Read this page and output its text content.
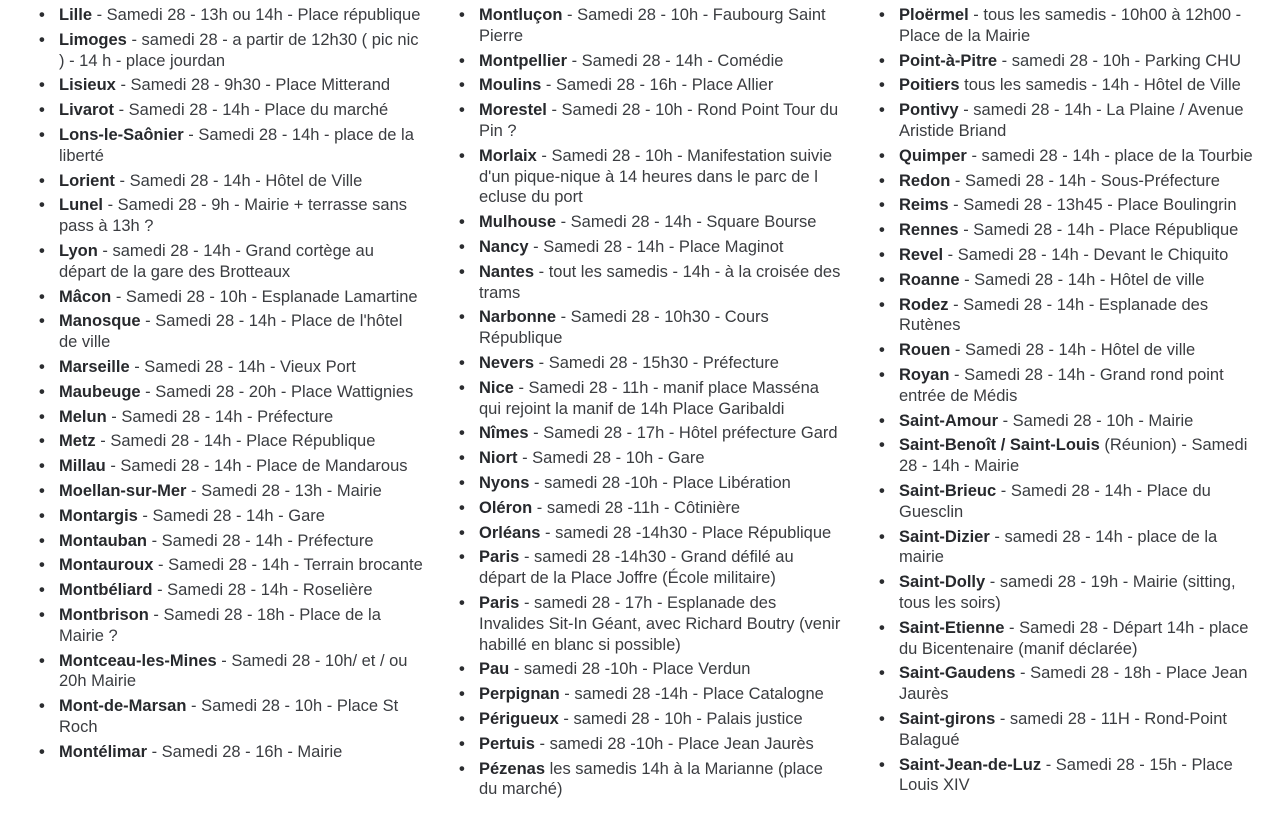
• Lille - Samedi 28 - 13h ou 14h - Place république
• Limoges - samedi 28 - a partir de 12h30 ( pic nic ) - 14 h - place jourdan
• Lisieux - Samedi 28 - 9h30 - Place Mitterand
• Livarot - Samedi 28 - 14h - Place du marché
• Lons-le-Saônier - Samedi 28 - 14h - place de la liberté
• Lorient - Samedi 28 - 14h - Hôtel de Ville
• Lunel - Samedi 28 - 9h - Mairie + terrasse sans pass à 13h ?
• Lyon - samedi 28 - 14h - Grand cortège au départ de la gare des Brotteaux
• Mâcon - Samedi 28 - 10h - Esplanade Lamartine
• Manosque - Samedi 28 - 14h - Place de l'hôtel de ville
• Marseille - Samedi 28 - 14h - Vieux Port
• Maubeuge - Samedi 28 - 20h - Place Wattignies
• Melun - Samedi 28 - 14h - Préfecture
• Metz - Samedi 28 - 14h - Place République
• Millau - Samedi 28 - 14h - Place de Mandarous
• Moellan-sur-Mer - Samedi 28 - 13h - Mairie
• Montargis - Samedi 28 - 14h - Gare
• Montauban - Samedi 28 - 14h - Préfecture
• Montauroux - Samedi 28 - 14h - Terrain brocante
• Montbéliard - Samedi 28 - 14h - Roselière
• Montbrison - Samedi 28 - 18h - Place de la Mairie ?
• Montceau-les-Mines - Samedi 28 - 10h/ et / ou 20h Mairie
• Mont-de-Marsan - Samedi 28 - 10h - Place St Roch
• Montélimar - Samedi 28 - 16h - Mairie
• Montluçon - Samedi 28 - 10h - Faubourg Saint Pierre
• Montpellier - Samedi 28 - 14h - Comédie
• Moulins - Samedi 28 - 16h - Place Allier
• Morestel - Samedi 28 - 10h - Rond Point Tour du Pin ?
• Morlaix - Samedi 28 - 10h - Manifestation suivie d'un pique-nique à 14 heures dans le parc de l ecluse du port
• Mulhouse - Samedi 28 - 14h - Square Bourse
• Nancy - Samedi 28 - 14h - Place Maginot
• Nantes - tout les samedis - 14h - à la croisée des trams
• Narbonne - Samedi 28 - 10h30 - Cours République
• Nevers - Samedi 28 - 15h30 - Préfecture
• Nice - Samedi 28 - 11h - manif place Masséna qui rejoint la manif de 14h Place Garibaldi
• Nîmes - Samedi 28 - 17h - Hôtel préfecture Gard
• Niort - Samedi 28 - 10h - Gare
• Nyons - samedi 28 -10h - Place Libération
• Oléron - samedi 28 -11h - Côtinière
• Orléans - samedi 28 -14h30 - Place République
• Paris - samedi 28 -14h30 - Grand défilé au départ de la Place Joffre (École militaire)
• Paris - samedi 28 - 17h - Esplanade des Invalides Sit-In Géant, avec Richard Boutry (venir habillé en blanc si possible)
• Pau - samedi 28 -10h - Place Verdun
• Perpignan - samedi 28 -14h - Place Catalogne
• Périgueux - samedi 28 - 10h - Palais justice
• Pertuis - samedi 28 -10h - Place Jean Jaurès
• Pézenas les samedis 14h à la Marianne (place du marché)
• Ploërmel - tous les samedis - 10h00 à 12h00 - Place de la Mairie
• Point-à-Pitre - samedi 28 - 10h - Parking CHU
• Poitiers tous les samedis - 14h - Hôtel de Ville
• Pontivy - samedi 28 - 14h - La Plaine / Avenue Aristide Briand
• Quimper - samedi 28 - 14h - place de la Tourbie
• Redon - Samedi 28 - 14h - Sous-Préfecture
• Reims - Samedi 28 - 13h45 - Place Boulingrin
• Rennes - Samedi 28 - 14h - Place République
• Revel - Samedi 28 - 14h - Devant le Chiquito
• Roanne - Samedi 28 - 14h - Hôtel de ville
• Rodez - Samedi 28 - 14h - Esplanade des Rutènes
• Rouen - Samedi 28 - 14h - Hôtel de ville
• Royan - Samedi 28 - 14h - Grand rond point entrée de Médis
• Saint-Amour - Samedi 28 - 10h - Mairie
• Saint-Benoît / Saint-Louis (Réunion) - Samedi 28 - 14h - Mairie
• Saint-Brieuc - Samedi 28 - 14h - Place du Guesclin
• Saint-Dizier - samedi 28 - 14h - place de la mairie
• Saint-Dolly - samedi 28 - 19h - Mairie (sitting, tous les soirs)
• Saint-Etienne - Samedi 28 - Départ 14h - place du Bicentenaire (manif déclarée)
• Saint-Gaudens - Samedi 28 - 18h - Place Jean Jaurès
• Saint-girons - samedi 28 - 11H - Rond-Point Balagué
• Saint-Jean-de-Luz - Samedi 28 - 15h - Place Louis XIV
